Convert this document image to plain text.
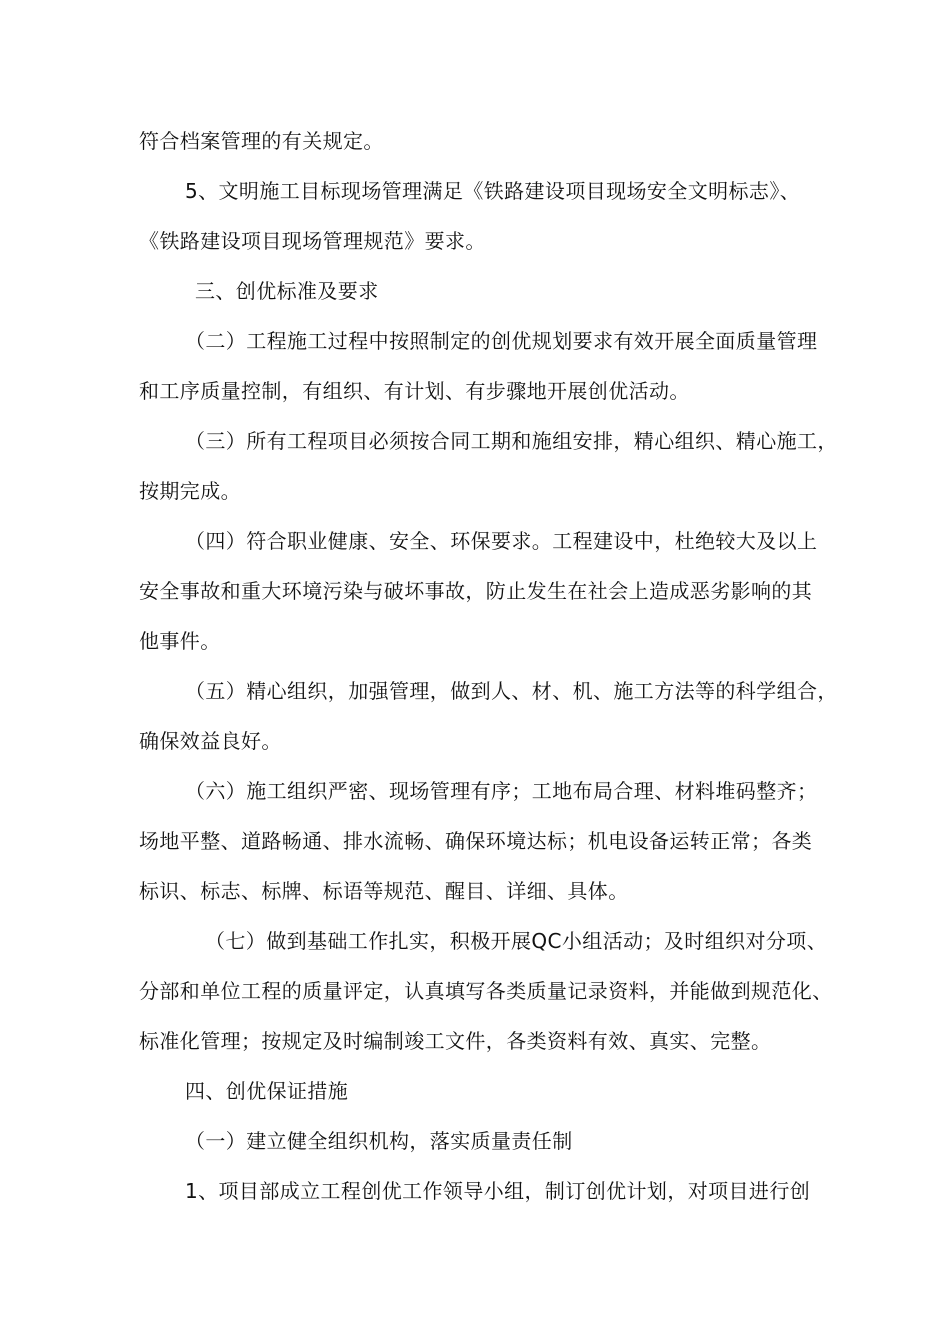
符合档案管理的有关规定。
5、文明施工目标现场管理满足《铁路建设项目现场安全文明标志》、
《铁路建设项目现场管理规范》要求。
三、创优标准及要求
（二）工程施工过程中按照制定的创优规划要求有效开展全面质量管理
和工序质量控制，有组织、有计划、有步骤地开展创优活动。
（三）所有工程项目必须按合同工期和施组安排，精心组织、精心施工，
按期完成。
（四）符合职业健康、安全、环保要求。工程建设中，杜绝较大及以上
安全事故和重大环境污染与破坏事故，防止发生在社会上造成恶劣影响的其
他事件。
（五）精心组织，加强管理，做到人、材、机、施工方法等的科学组合，
确保效益良好。
（六）施工组织严密、现场管理有序；工地布局合理、材料堆码整齐；
场地平整、道路畅通、排水流畅、确保环境达标；机电设备运转正常；各类
标识、标志、标牌、标语等规范、醒目、详细、具体。
（七）做到基础工作扎实，积极开展QC小组活动；及时组织对分项、
分部和单位工程的质量评定，认真填写各类质量记录资料，并能做到规范化、
标准化管理；按规定及时编制竣工文件，各类资料有效、真实、完整。
四、创优保证措施
（一）建立健全组织机构，落实质量责任制
1、项目部成立工程创优工作领导小组，制订创优计划，对项目进行创
